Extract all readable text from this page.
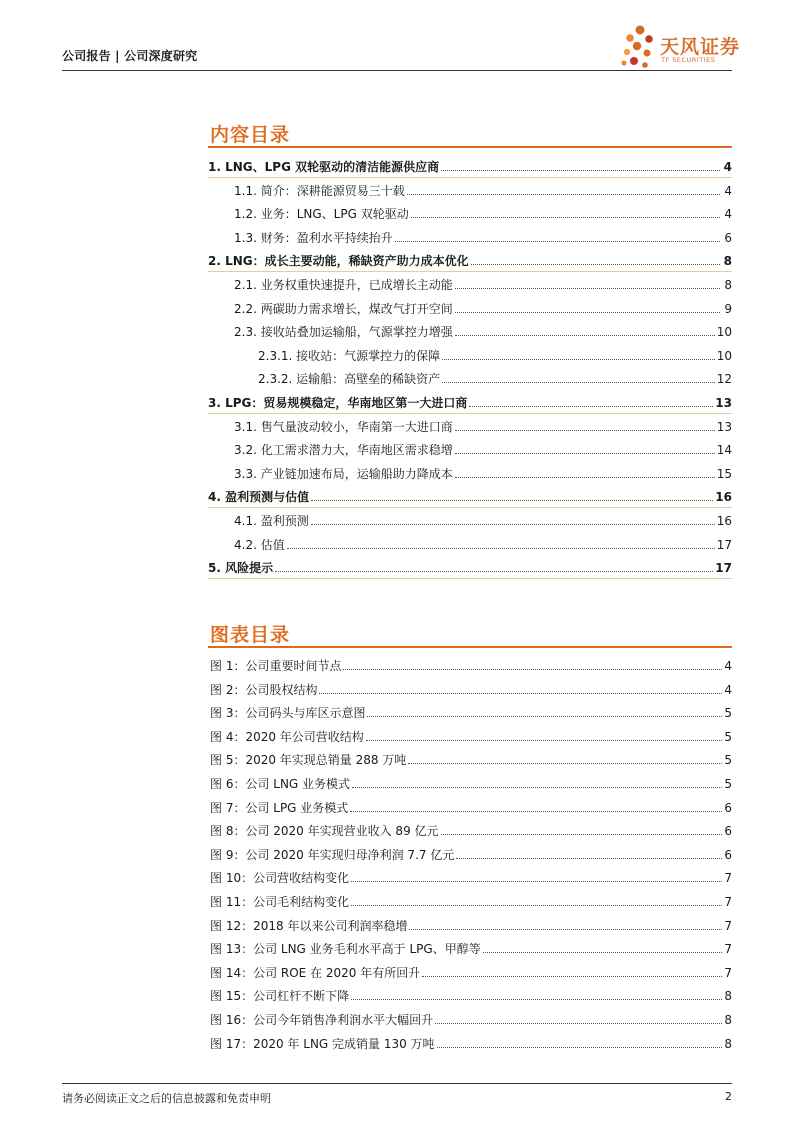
公司报告 | 公司深度研究	天风证券
TF SECURITIES
内容目录
1. LNG、LPG 双轮驱动的清洁能源供应商	4
1.1. 简介：深耕能源贸易三十载	4
1.2. 业务：LNG、LPG 双轮驱动	4
1.3. 财务：盈利水平持续抬升	6
2. LNG：成长主要动能，稀缺资产助力成本优化	8
2.1. 业务权重快速提升，已成增长主动能	8
2.2. 两碳助力需求增长，煤改气打开空间	9
2.3. 接收站叠加运输船，气源掌控力增强	10
2.3.1. 接收站：气源掌控力的保障	10
2.3.2. 运输船：高壁垒的稀缺资产	12
3. LPG：贸易规模稳定，华南地区第一大进口商	13
3.1. 售气量波动较小，华南第一大进口商	13
3.2. 化工需求潜力大，华南地区需求稳增	14
3.3. 产业链加速布局，运输船助力降成本	15
4. 盈利预测与估值	16
4.1. 盈利预测	16
4.2. 估值	17
5. 风险提示	17
图表目录
图 1：公司重要时间节点	4
图 2：公司股权结构	4
图 3：公司码头与库区示意图	5
图 4：2020 年公司营收结构	5
图 5：2020 年实现总销量 288 万吨	5
图 6：公司 LNG 业务模式	5
图 7：公司 LPG 业务模式	6
图 8：公司 2020 年实现营业收入 89 亿元	6
图 9：公司 2020 年实现归母净利润 7.7 亿元	6
图 10：公司营收结构变化	7
图 11：公司毛利结构变化	7
图 12：2018 年以来公司利润率稳增	7
图 13：公司 LNG 业务毛利水平高于 LPG、甲醇等	7
图 14：公司 ROE 在 2020 年有所回升	7
图 15：公司杠杆不断下降	8
图 16：公司今年销售净利润水平大幅回升	8
图 17：2020 年 LNG 完成销量 130 万吨	8
请务必阅读正文之后的信息披露和免责申明	2
